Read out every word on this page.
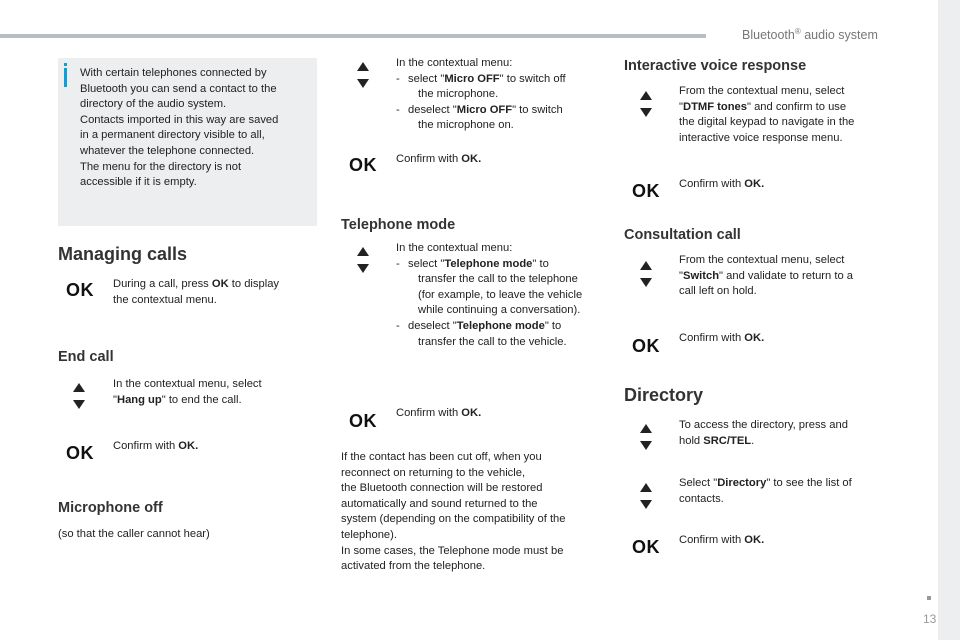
Bluetooth® audio system
13
With certain telephones connected by
Bluetooth you can send a contact to the
directory of the audio system.
Contacts imported in this way are saved
in a permanent directory visible to all,
whatever the telephone connected.
The menu for the directory is not
accessible if it is empty.
Managing calls
OK During a call, press OK to display
the contextual menu.
End call
In the contextual menu, select
"Hang up" to end the call.
OK Confirm with OK.
Microphone off
(so that the caller cannot hear)
In the contextual menu:
- select "Micro OFF" to switch off
the microphone.
- deselect "Micro OFF" to switch
the microphone on.
OK Confirm with OK.
Telephone mode
In the contextual menu:
- select "Telephone mode" to
transfer the call to the telephone
(for example, to leave the vehicle
while continuing a conversation).
- deselect "Telephone mode" to
transfer the call to the vehicle.
OK Confirm with OK.
If the contact has been cut off, when you
reconnect on returning to the vehicle,
the Bluetooth connection will be restored
automatically and sound returned to the
system (depending on the compatibility of the
telephone).
In some cases, the Telephone mode must be
activated from the telephone.
Interactive voice response
From the contextual menu, select
"DTMF tones" and confirm to use
the digital keypad to navigate in the
interactive voice response menu.
OK Confirm with OK.
Consultation call
From the contextual menu, select
"Switch" and validate to return to a
call left on hold.
OK Confirm with OK.
Directory
To access the directory, press and
hold SRC/TEL.
Select "Directory" to see the list of
contacts.
OK Confirm with OK.
